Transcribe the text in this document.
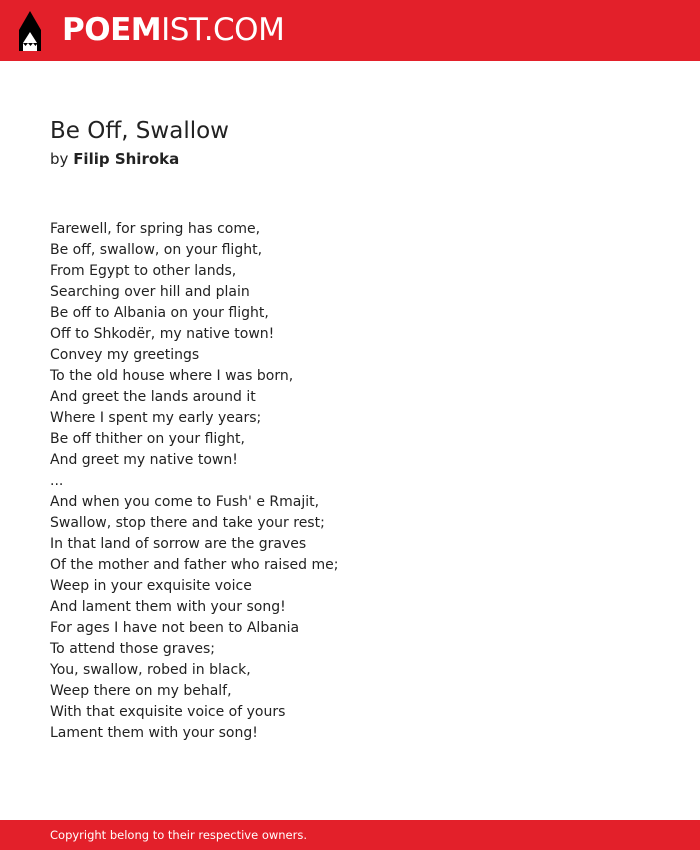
POEMIST.COM
Be Off, Swallow
by Filip Shiroka
Farewell, for spring has come,
Be off, swallow, on your flight,
From Egypt to other lands,
Searching over hill and plain
Be off to Albania on your flight,
Off to Shkodër, my native town!
Convey my greetings
To the old house where I was born,
And greet the lands around it
Where I spent my early years;
Be off thither on your flight,
And greet my native town!
...
And when you come to Fush' e Rmajit,
Swallow, stop there and take your rest;
In that land of sorrow are the graves
Of the mother and father who raised me;
Weep in your exquisite voice
And lament them with your song!
For ages I have not been to Albania
To attend those graves;
You, swallow, robed in black,
Weep there on my behalf,
With that exquisite voice of yours
Lament them with your song!
Copyright belong to their respective owners.
